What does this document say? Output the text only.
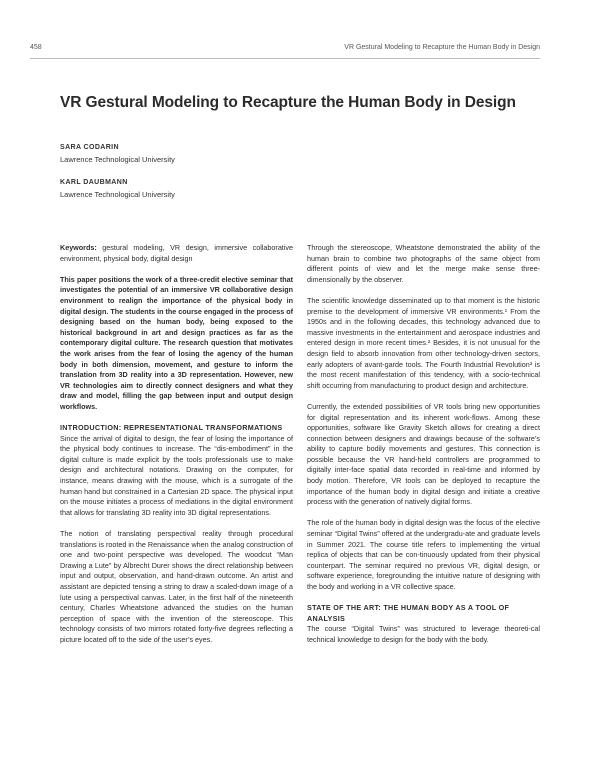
458	VR Gestural Modeling to Recapture the Human Body in Design
VR Gestural Modeling to Recapture the Human Body in Design
SARA CODARIN
Lawrence Technological University
KARL DAUBMANN
Lawrence Technological University

Keywords: gestural modeling, VR design, immersive collaborative environment, physical body, digital design

This paper positions the work of a three-credit elective seminar that investigates the potential of an immersive VR collaborative design environment to realign the importance of the physical body in digital design. The students in the course engaged in the process of designing based on the human body, being exposed to the historical background in art and design practices as far as the contemporary digital culture. The research question that motivates the work arises from the fear of losing the agency of the human body in both dimension, movement, and gesture to inform the translation from 3D reality into a 3D representation. However, new VR technologies aim to directly connect designers and what they draw and model, filling the gap between input and output design workflows.

INTRODUCTION: REPRESENTATIONAL TRANSFORMATIONS

Since the arrival of digital to design, the fear of losing the importance of the physical body continues to increase. The “dis-embodiment” in the digital culture is made explicit by the tools professionals use to make design and architectural notations. Drawing on the computer, for instance, means drawing with the mouse, which is a surrogate of the human hand but constrained in a Cartesian 2D space. The physical input on the mouse initiates a process of mediations in the digital environment that allows for translating 3D reality into 3D digital representations.

The notion of translating perspectival reality through procedural translations is rooted in the Renaissance when the analog construction of one and two-point perspective was developed. The woodcut “Man Drawing a Lute” by Albrecht Durer shows the direct relationship between input and output, observation, and hand-drawn outcome. An artist and assistant are depicted tensing a string to draw a scaled-down image of a lute using a perspectival canvas. Later, in the first half of the nineteenth century, Charles Wheatstone advanced the studies on the human perception of space with the invention of the stereoscope. This technology consists of two mirrors rotated forty-five degrees reflecting a picture located off to the side of the user’s eyes.

Through the stereoscope, Wheatstone demonstrated the ability of the human brain to combine two photographs of the same object from different points of view and let the merge make sense three-dimensionally by the observer.

The scientific knowledge disseminated up to that moment is the historic premise to the development of immersive VR environments.¹ From the 1950s and in the following decades, this technology advanced due to massive investments in the entertainment and aerospace industries and entered design in more recent times.² Besides, it is not unusual for the design field to absorb innovation from other technology-driven sectors, early adopters of avant-garde tools. The Fourth Industrial Revolution³ is the most recent manifestation of this tendency, with a socio-technical shift occurring from manufacturing to product design and architecture.

Currently, the extended possibilities of VR tools bring new opportunities for digital representation and its inherent work-flows. Among these opportunities, software like Gravity Sketch allows for creating a direct connection between designers and drawings because of the software’s ability to capture bodily movements and gestures. This connection is possible because the VR hand-held controllers are programmed to digitally inter-face spatial data recorded in real-time and informed by body motion. Therefore, VR tools can be deployed to recapture the importance of the human body in digital design and initiate a creative process with the generation of natively digital forms.

The role of the human body in digital design was the focus of the elective seminar “Digital Twins” offered at the undergradu-ate and graduate levels in Summer 2021. The course title refers to implementing the virtual replica of objects that can be con-tinuously updated from their physical counterpart. The seminar required no previous VR, digital design, or software experience, foregrounding the intuitive nature of designing with the body and working in a VR collective space.

STATE OF THE ART: THE HUMAN BODY AS A TOOL OF ANALYSIS

The course “Digital Twins” was structured to leverage theoreti-cal technical knowledge to design for the body with the body.
